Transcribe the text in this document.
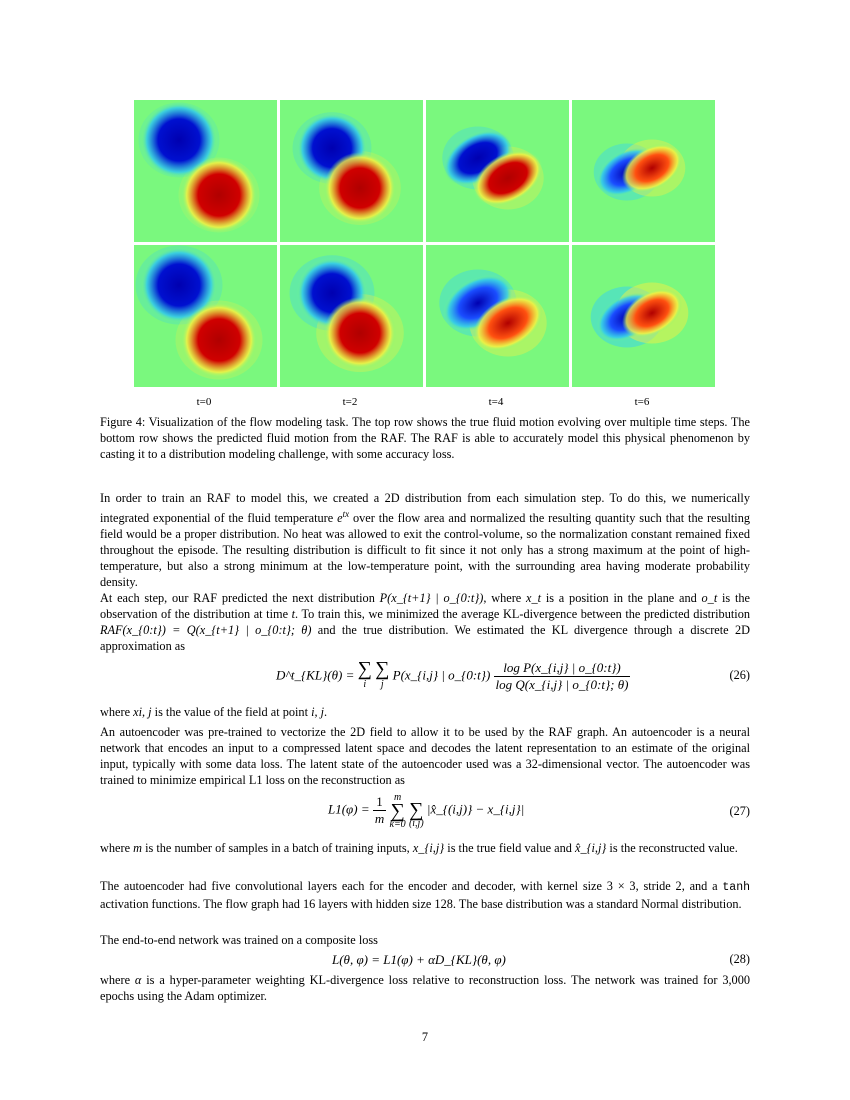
t=0	t=2	t=4	t=6
Figure 4: Visualization of the flow modeling task. The top row shows the true fluid motion evolving over multiple time steps. The bottom row shows the predicted fluid motion from the RAF. The RAF is able to accurately model this physical phenomenon by casting it to a distribution modeling challenge, with some accuracy loss.
In order to train an RAF to model this, we created a 2D distribution from each simulation step. To do this, we numerically integrated exponential of the fluid temperature $e^{tx}$ over the flow area and normalized the resulting quantity such that the resulting field would be a proper distribution. No heat was allowed to exit the control-volume, so the normalization constant remained fixed throughout the episode. The resulting distribution is difficult to fit since it not only has a strong maximum at the point of high-temperature, but also a strong minimum at the low-temperature point, with the surrounding area having moderate probability density.
At each step, our RAF predicted the next distribution P(x_{t+1} | o_{0:t}), where x_t is a position in the plane and o_t is the observation of the distribution at time t. To train this, we minimized the average KL-divergence between the predicted distribution RAF(x_{0:t}) = Q(x_{t+1} | o_{0:t}; θ) and the true distribution. We estimated the KL divergence through a discrete 2D approximation as
D^t_{KL}(θ) = ∑
i ∑
j P(x_{i,j} | o_{0:t}) $\frac{\text{log P(x\_\{i,j\} | o\_\{0:t\})}}{\text{log Q(x\_\{i,j\} | o\_\{0:t\}; θ)}}$	(26)
where xi, j is the value of the field at point i, j.
An autoencoder was pre-trained to vectorize the 2D field to allow it to be used by the RAF graph. An autoencoder is a neural network that encodes an input to a compressed latent space and decodes the latent representation to an estimate of the original input, typically with some data loss. The latent state of the autoencoder used was a 32-dimensional vector. The autoencoder was trained to minimize empirical L1 loss on the reconstruction as
$L1(\varphi) = \frac{1}{m}$ m
∑
k=0
∑
(i,j) |x̂_{(i,j)} − x_{i,j}|	(27)
where m is the number of samples in a batch of training inputs, x_{i,j} is the true field value and x̂_{i,j} is the reconstructed value.
The autoencoder had five convolutional layers each for the encoder and decoder, with kernel size 3 × 3, stride 2, and a tanh activation functions. The flow graph had 16 layers with hidden size 128. The base distribution was a standard Normal distribution.
The end-to-end network was trained on a composite loss
L(θ, φ) = L1(φ) + αD_{KL}(θ, φ)	(28)
where α is a hyper-parameter weighting KL-divergence loss relative to reconstruction loss. The network was trained for 3,000 epochs using the Adam optimizer.
7
